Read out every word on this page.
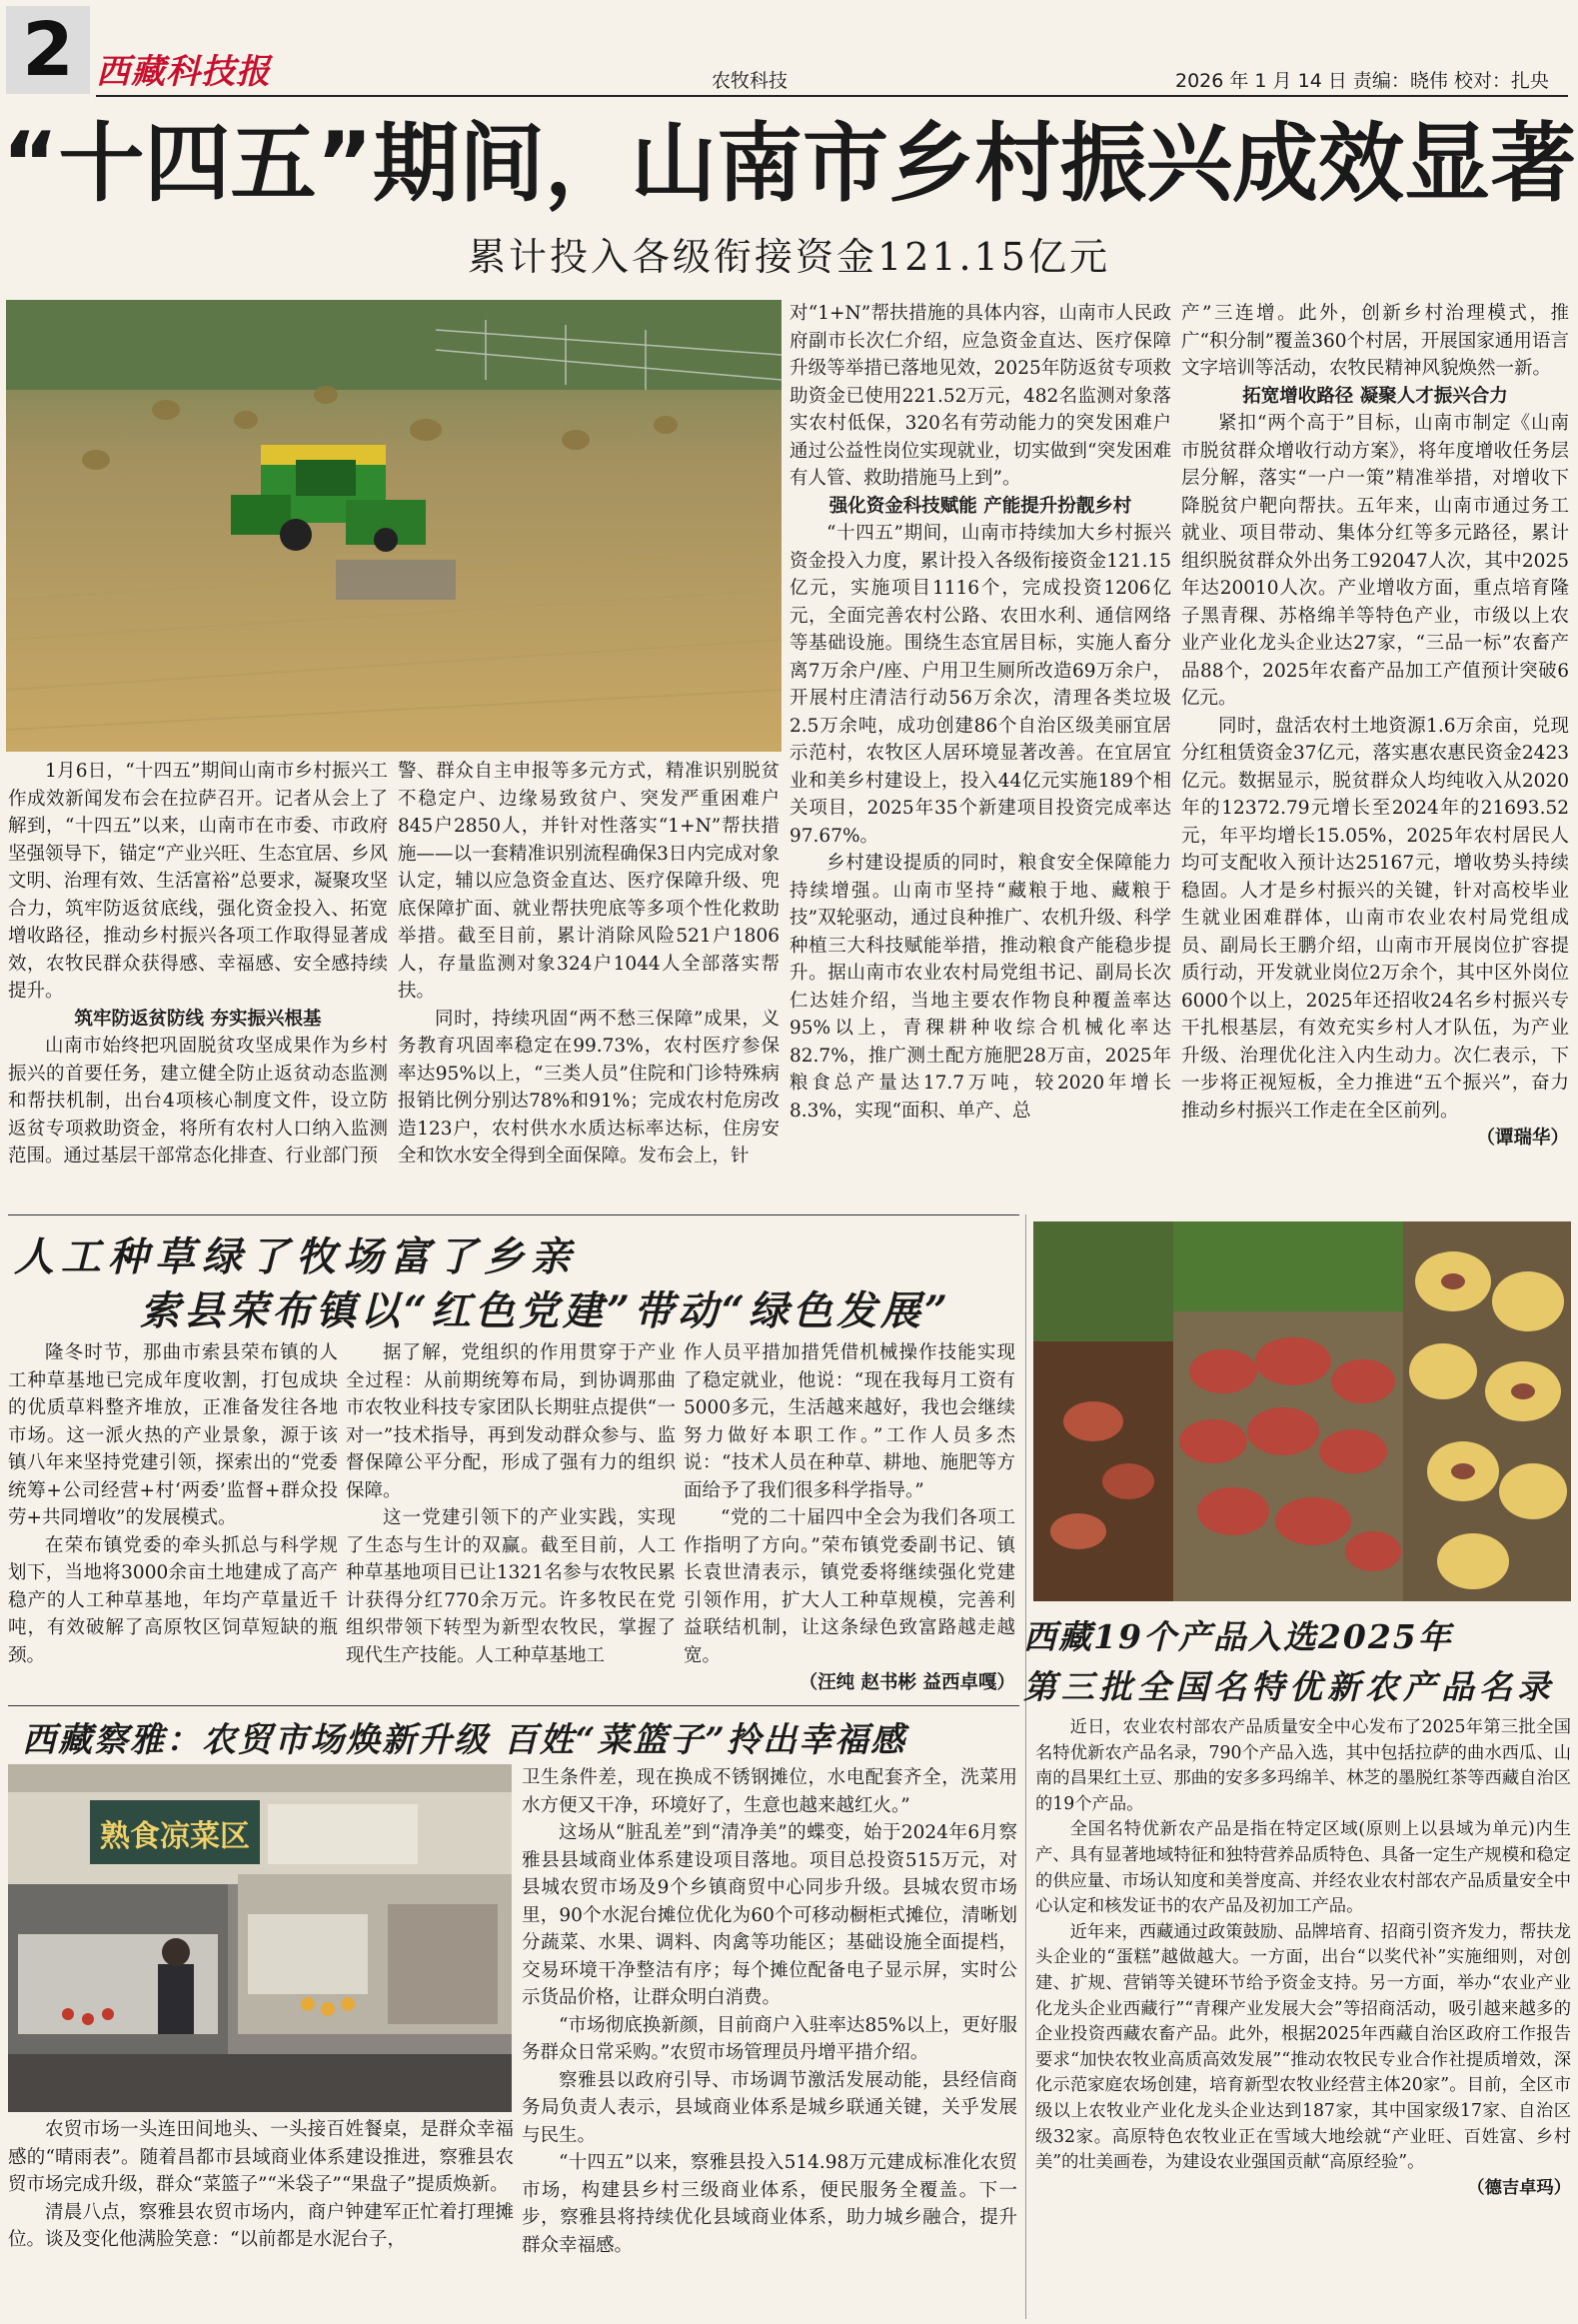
2 西藏科技报	农牧科技	2026 年 1 月 14 日 责编：晓伟 校对：扎央
“十四五”期间，山南市乡村振兴成效显著
累计投入各级衔接资金121.15亿元

1月6日，“十四五”期间山南市乡村振兴工作成效新闻发布会在拉萨召开。记者从会上了解到，“十四五”以来，山南市在市委、市政府坚强领导下，锚定“产业兴旺、生态宜居、乡风文明、治理有效、生活富裕”总要求，凝聚攻坚合力，筑牢防返贫底线，强化资金投入、拓宽增收路径，推动乡村振兴各项工作取得显著成效，农牧民群众获得感、幸福感、安全感持续提升。

筑牢防返贫防线 夯实振兴根基

山南市始终把巩固脱贫攻坚成果作为乡村振兴的首要任务，建立健全防止返贫动态监测和帮扶机制，出台4项核心制度文件，设立防返贫专项救助资金，将所有农村人口纳入监测范围。通过基层干部常态化排查、行业部门预

警、群众自主申报等多元方式，精准识别脱贫不稳定户、边缘易致贫户、突发严重困难户845户2850人，并针对性落实“1+N”帮扶措施——以一套精准识别流程确保3日内完成对象认定，辅以应急资金直达、医疗保障升级、兜底保障扩面、就业帮扶兜底等多项个性化救助举措。截至目前，累计消除风险521户1806人，存量监测对象324户1044人全部落实帮扶。

同时，持续巩固“两不愁三保障”成果，义务教育巩固率稳定在99.73%，农村医疗参保率达95%以上，“三类人员”住院和门诊特殊病报销比例分别达78%和91%；完成农村危房改造123户，农村供水水质达标率达标，住房安全和饮水安全得到全面保障。发布会上，针

对“1+N”帮扶措施的具体内容，山南市人民政府副市长次仁介绍，应急资金直达、医疗保障升级等举措已落地见效，2025年防返贫专项救助资金已使用221.52万元，482名监测对象落实农村低保，320名有劳动能力的突发困难户通过公益性岗位实现就业，切实做到“突发困难有人管、救助措施马上到”。

强化资金科技赋能 产能提升扮靓乡村

“十四五”期间，山南市持续加大乡村振兴资金投入力度，累计投入各级衔接资金121.15亿元，实施项目1116个，完成投资1206亿元，全面完善农村公路、农田水利、通信网络等基础设施。围绕生态宜居目标，实施人畜分离7万余户/座、户用卫生厕所改造69万余户，开展村庄清洁行动56万余次，清理各类垃圾2.5万余吨，成功创建86个自治区级美丽宜居示范村，农牧区人居环境显著改善。在宜居宜业和美乡村建设上，投入44亿元实施189个相关项目，2025年35个新建项目投资完成率达97.67%。

乡村建设提质的同时，粮食安全保障能力持续增强。山南市坚持“藏粮于地、藏粮于技”双轮驱动，通过良种推广、农机升级、科学种植三大科技赋能举措，推动粮食产能稳步提升。据山南市农业农村局党组书记、副局长次仁达娃介绍，当地主要农作物良种覆盖率达95%以上，青稞耕种收综合机械化率达82.7%，推广测土配方施肥28万亩，2025年粮食总产量达17.7万吨，较2020年增长8.3%，实现“面积、单产、总

产”三连增。此外，创新乡村治理模式，推广“积分制”覆盖360个村居，开展国家通用语言文字培训等活动，农牧民精神风貌焕然一新。

拓宽增收路径 凝聚人才振兴合力

紧扣“两个高于”目标，山南市制定《山南市脱贫群众增收行动方案》，将年度增收任务层层分解，落实“一户一策”精准举措，对增收下降脱贫户靶向帮扶。五年来，山南市通过务工就业、项目带动、集体分红等多元路径，累计组织脱贫群众外出务工92047人次，其中2025年达20010人次。产业增收方面，重点培育隆子黑青稞、苏格绵羊等特色产业，市级以上农业产业化龙头企业达27家，“三品一标”农畜产品88个，2025年农畜产品加工产值预计突破6亿元。

同时，盘活农村土地资源1.6万余亩，兑现分红租赁资金37亿元，落实惠农惠民资金2423亿元。数据显示，脱贫群众人均纯收入从2020年的12372.79元增长至2024年的21693.52元，年平均增长15.05%，2025年农村居民人均可支配收入预计达25167元，增收势头持续稳固。人才是乡村振兴的关键，针对高校毕业生就业困难群体，山南市农业农村局党组成员、副局长王鹏介绍，山南市开展岗位扩容提质行动，开发就业岗位2万余个，其中区外岗位6000个以上，2025年还招收24名乡村振兴专干扎根基层，有效充实乡村人才队伍，为产业升级、治理优化注入内生动力。次仁表示，下一步将正视短板，全力推进“五个振兴”，奋力推动乡村振兴工作走在全区前列。

（谭瑞华）

人工种草绿了牧场富了乡亲
索县荣布镇以“红色党建”带动“绿色发展”

隆冬时节，那曲市索县荣布镇的人工种草基地已完成年度收割，打包成块的优质草料整齐堆放，正准备发往各地市场。这一派火热的产业景象，源于该镇八年来坚持党建引领，探索出的“党委统筹+公司经营+村‘两委’监督+群众投劳+共同增收”的发展模式。

在荣布镇党委的牵头抓总与科学规划下，当地将3000余亩土地建成了高产稳产的人工种草基地，年均产草量近千吨，有效破解了高原牧区饲草短缺的瓶颈。

据了解，党组织的作用贯穿于产业全过程：从前期统筹布局，到协调那曲市农牧业科技专家团队长期驻点提供“一对一”技术指导，再到发动群众参与、监督保障公平分配，形成了强有力的组织保障。

这一党建引领下的产业实践，实现了生态与生计的双赢。截至目前，人工种草基地项目已让1321名参与农牧民累计获得分红770余万元。许多牧民在党组织带领下转型为新型农牧民，掌握了现代生产技能。人工种草基地工

作人员平措加措凭借机械操作技能实现了稳定就业，他说：“现在我每月工资有5000多元，生活越来越好，我也会继续努力做好本职工作。”工作人员多杰说：“技术人员在种草、耕地、施肥等方面给予了我们很多科学指导。”

“党的二十届四中全会为我们各项工作指明了方向。”荣布镇党委副书记、镇长袁世清表示，镇党委将继续强化党建引领作用，扩大人工种草规模，完善利益联结机制，让这条绿色致富路越走越宽。

（汪纯 赵书彬 益西卓嘎）

西藏察雅：农贸市场焕新升级 百姓“菜篮子”拎出幸福感
熟食凉菜区

农贸市场一头连田间地头、一头接百姓餐桌，是群众幸福感的“晴雨表”。随着昌都市县域商业体系建设推进，察雅县农贸市场完成升级，群众“菜篮子”“米袋子”“果盘子”提质焕新。

清晨八点，察雅县农贸市场内，商户钟建军正忙着打理摊位。谈及变化他满脸笑意：“以前都是水泥台子，

卫生条件差，现在换成不锈钢摊位，水电配套齐全，洗菜用水方便又干净，环境好了，生意也越来越红火。”

这场从“脏乱差”到“清净美”的蝶变，始于2024年6月察雅县县域商业体系建设项目落地。项目总投资515万元，对县城农贸市场及9个乡镇商贸中心同步升级。县城农贸市场里，90个水泥台摊位优化为60个可移动橱柜式摊位，清晰划分蔬菜、水果、调料、肉禽等功能区；基础设施全面提档，交易环境干净整洁有序；每个摊位配备电子显示屏，实时公示货品价格，让群众明白消费。

“市场彻底换新颜，目前商户入驻率达85%以上，更好服务群众日常采购。”农贸市场管理员丹增平措介绍。

察雅县以政府引导、市场调节激活发展动能，县经信商务局负责人表示，县域商业体系是城乡联通关键，关乎发展与民生。

“十四五”以来，察雅县投入514.98万元建成标准化农贸市场，构建县乡村三级商业体系，便民服务全覆盖。下一步，察雅县将持续优化县域商业体系，助力城乡融合，提升群众幸福感。

西藏19个产品入选2025年
第三批全国名特优新农产品名录

近日，农业农村部农产品质量安全中心发布了2025年第三批全国名特优新农产品名录，790个产品入选，其中包括拉萨的曲水西瓜、山南的昌果红土豆、那曲的安多多玛绵羊、林芝的墨脱红茶等西藏自治区的19个产品。

全国名特优新农产品是指在特定区域(原则上以县域为单元)内生产、具有显著地域特征和独特营养品质特色、具备一定生产规模和稳定的供应量、市场认知度和美誉度高、并经农业农村部农产品质量安全中心认定和核发证书的农产品及初加工产品。

近年来，西藏通过政策鼓励、品牌培育、招商引资齐发力，帮扶龙头企业的“蛋糕”越做越大。一方面，出台“以奖代补”实施细则，对创建、扩规、营销等关键环节给予资金支持。另一方面，举办“农业产业化龙头企业西藏行”“青稞产业发展大会”等招商活动，吸引越来越多的企业投资西藏农畜产品。此外，根据2025年西藏自治区政府工作报告要求“加快农牧业高质高效发展”“推动农牧民专业合作社提质增效，深化示范家庭农场创建，培育新型农牧业经营主体20家”。目前，全区市级以上农牧业产业化龙头企业达到187家，其中国家级17家、自治区级32家。高原特色农牧业正在雪域大地绘就“产业旺、百姓富、乡村美”的壮美画卷，为建设农业强国贡献“高原经验”。

（德吉卓玛）
